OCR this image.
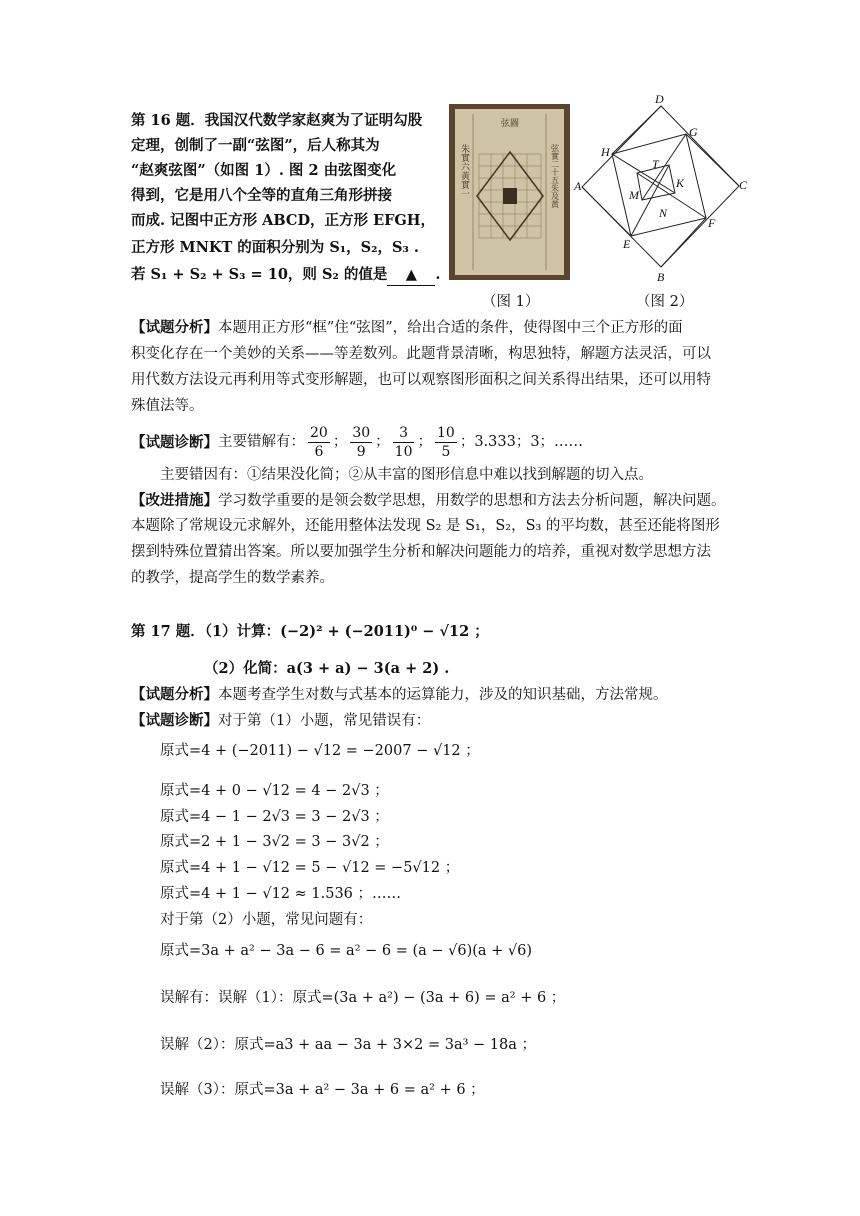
第 16 题．我国汉代数学家赵爽为了证明勾股
定理，创制了一副“弦图”，后人称其为
“赵爽弦图”（如图 1）. 图 2 由弦图变化
得到，它是用八个全等的直角三角形拼接
而成. 记图中正方形 ABCD，正方形 EFGH，
正方形 MNKT 的面积分别为 S₁，S₂，S₃ .
若 S₁ + S₂ + S₃ = 10，则 S₂ 的值是 ▲ .
弦圖
朱實六黃實一	弦實二十五朱及黃
D
G
H
T
A	K	C
M
N
E
F
B
（图 1）	（图 2）
【试题分析】本题用正方形“框”住“弦图”，给出合适的条件，使得图中三个正方形的面
积变化存在一个美妙的关系——等差数列。此题背景清晰，构思独特，解题方法灵活，可以
用代数方法设元再利用等式变形解题，也可以观察图形面积之间关系得出结果，还可以用特
殊值法等。
【试题诊断】 主要错解有： $\frac{20}{6}$ ； $\frac{30}{9}$ ； $\frac{3}{10}$ ； $\frac{10}{5}$ ； 3.333；3；……
主要错因有：①结果没化简；②从丰富的图形信息中难以找到解题的切入点。
【改进措施】学习数学重要的是领会数学思想，用数学的思想和方法去分析问题，解决问题。
本题除了常规设元求解外，还能用整体法发现 S₂ 是 S₁，S₂，S₃ 的平均数，甚至还能将图形
摆到特殊位置猜出答案。所以要加强学生分析和解决问题能力的培养，重视对数学思想方法
的教学，提高学生的数学素养。
第 17 题．（1）计算：(−2)² + (−2011)⁰ − √12 ；
（2）化简：a(3 + a) − 3(a + 2) .
【试题分析】本题考查学生对数与式基本的运算能力，涉及的知识基础，方法常规。
【试题诊断】对于第（1）小题，常见错误有：
原式=4 + (−2011) − √12 = −2007 − √12 ；
原式=4 + 0 − √12 = 4 − 2√3 ；
原式=4 − 1 − 2√3 = 3 − 2√3 ；
原式=2 + 1 − 3√2 = 3 − 3√2 ；
原式=4 + 1 − √12 = 5 − √12 = −5√12 ；
原式=4 + 1 − √12 ≈ 1.536 ；……
对于第（2）小题，常见问题有：
原式=3a + a² − 3a − 6 = a² − 6 = (a − √6)(a + √6)
误解有：误解（1）：原式=(3a + a²) − (3a + 6) = a² + 6 ；
误解（2）：原式=a3 + aa − 3a + 3×2 = 3a³ − 18a ；
误解（3）：原式=3a + a² − 3a + 6 = a² + 6 ；
